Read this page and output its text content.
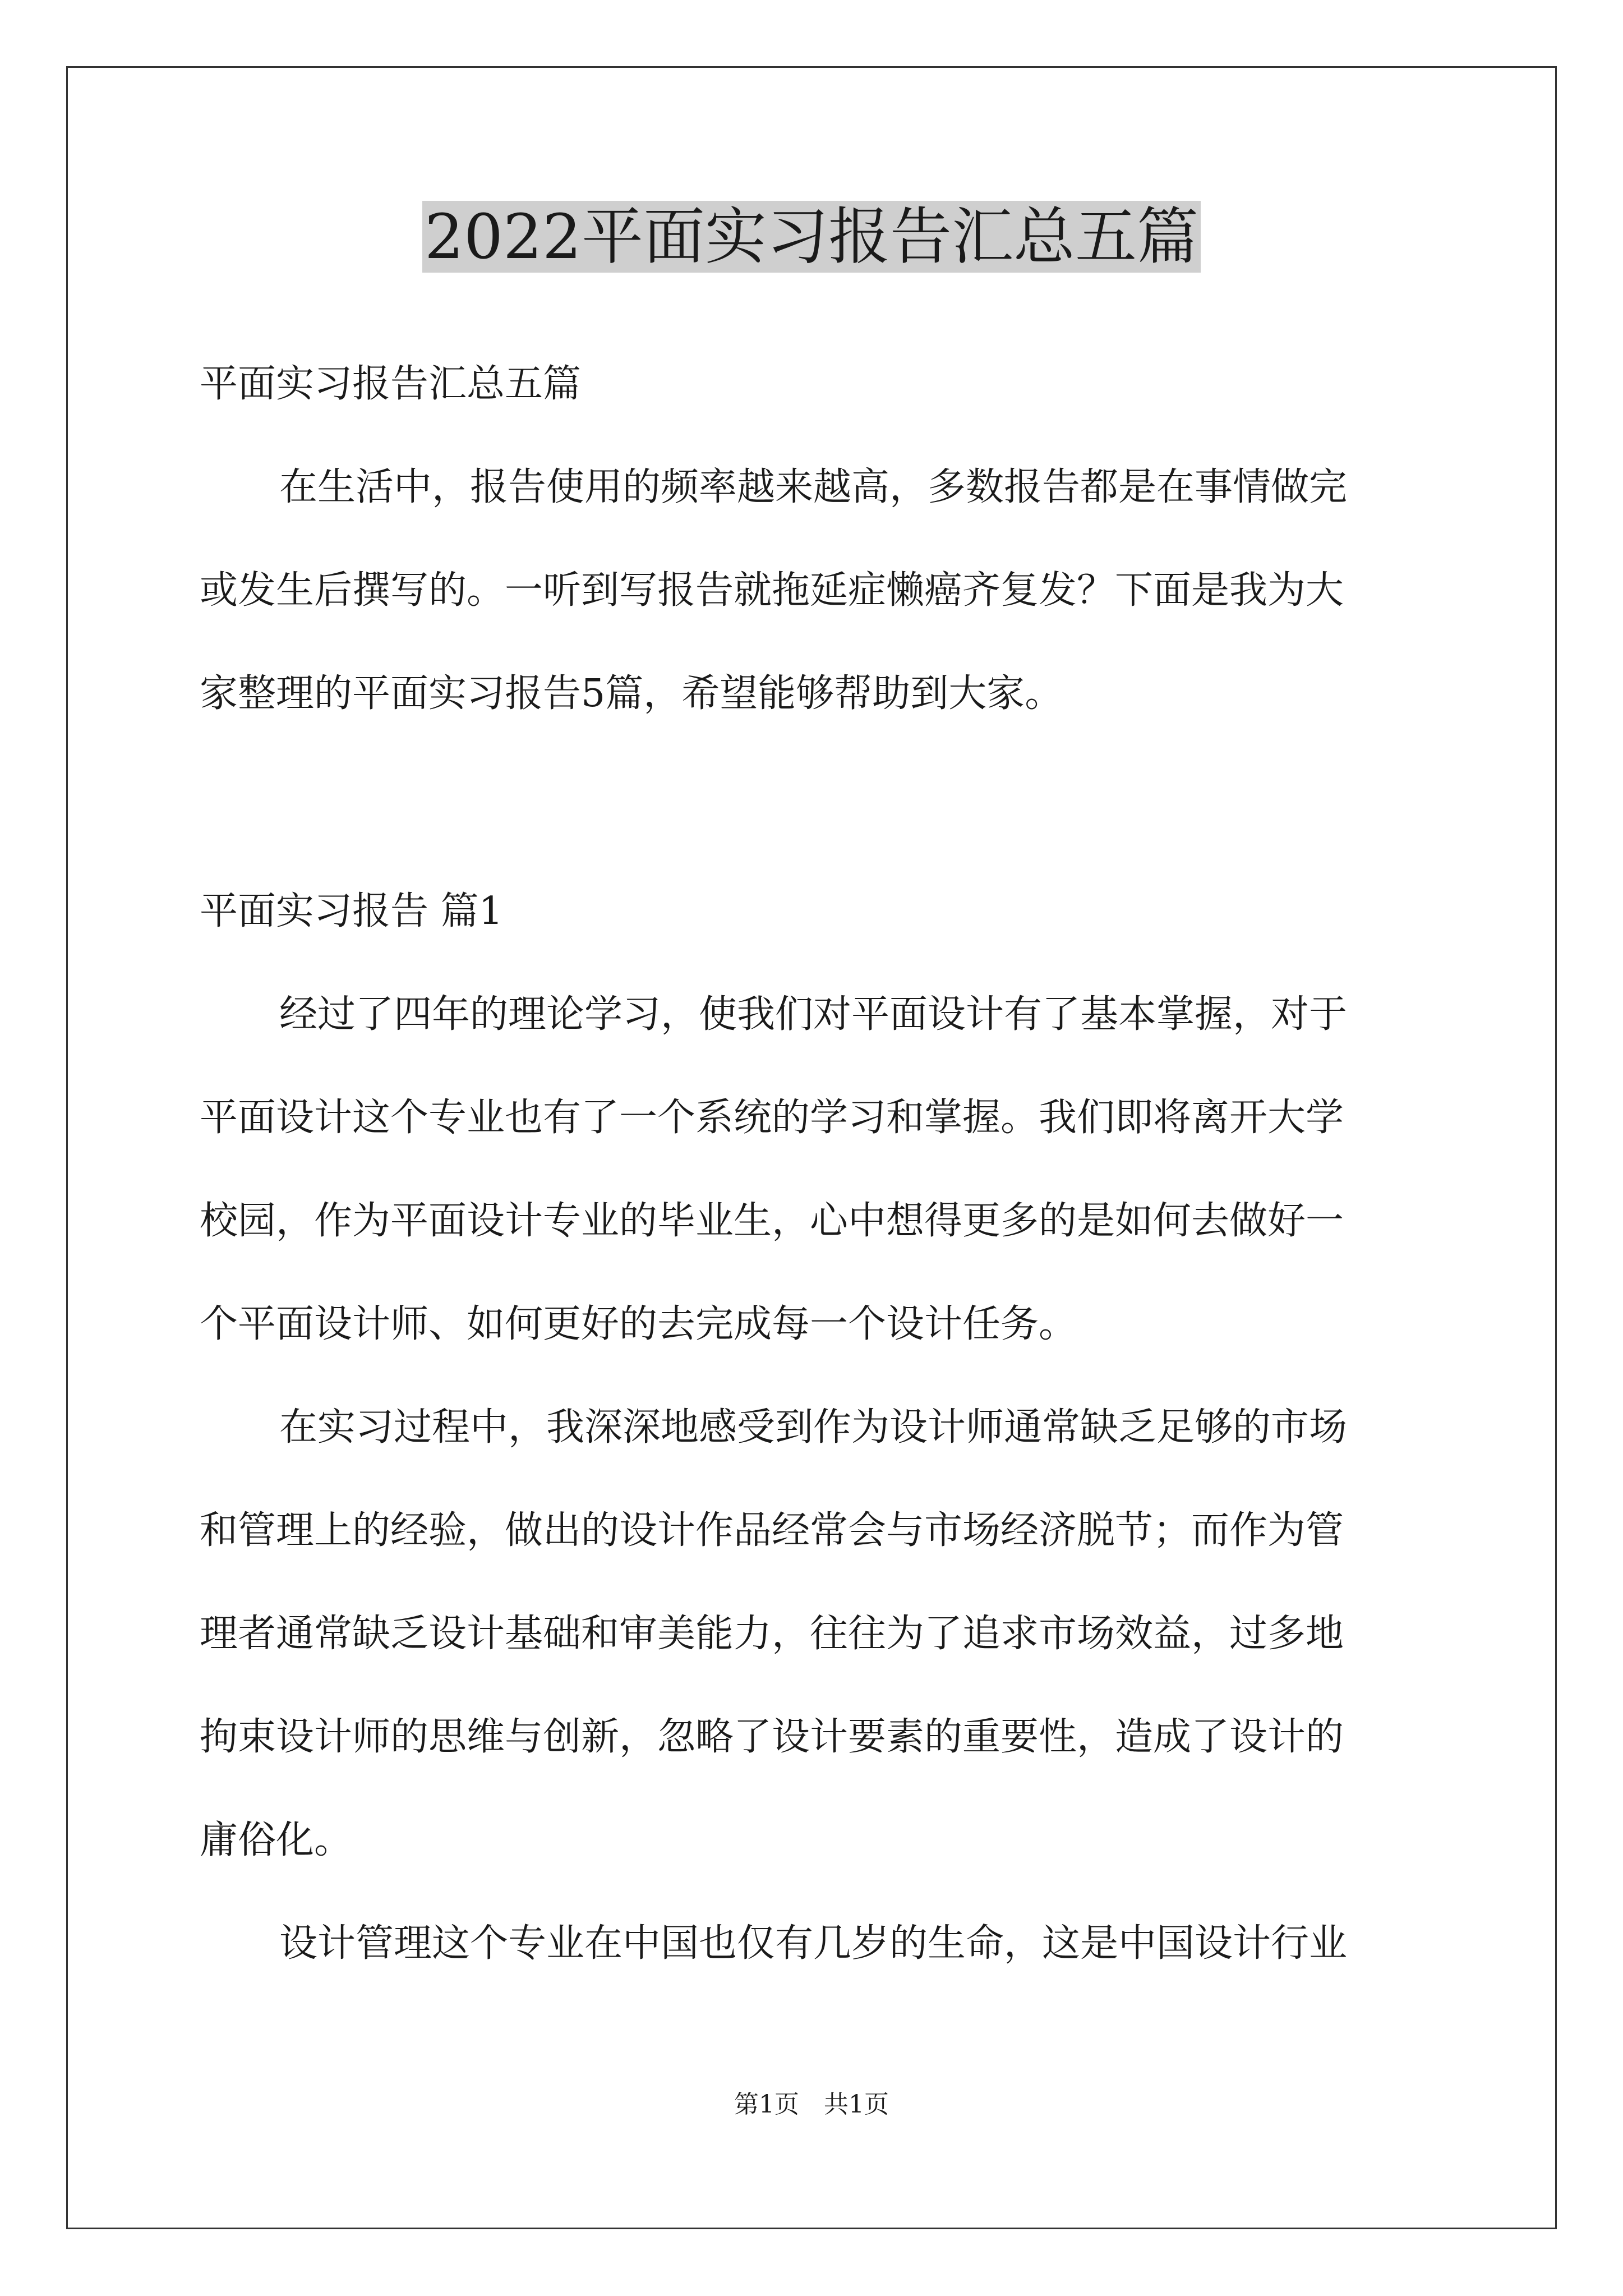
2022平面实习报告汇总五篇
平面实习报告汇总五篇
在生活中，报告使用的频率越来越高，多数报告都是在事情做完
或发生后撰写的。一听到写报告就拖延症懒癌齐复发？下面是我为大
家整理的平面实习报告5篇，希望能够帮助到大家。
平面实习报告 篇1
经过了四年的理论学习，使我们对平面设计有了基本掌握，对于
平面设计这个专业也有了一个系统的学习和掌握。我们即将离开大学
校园，作为平面设计专业的毕业生，心中想得更多的是如何去做好一
个平面设计师、如何更好的去完成每一个设计任务。
在实习过程中，我深深地感受到作为设计师通常缺乏足够的市场
和管理上的经验，做出的设计作品经常会与市场经济脱节；而作为管
理者通常缺乏设计基础和审美能力，往往为了追求市场效益，过多地
拘束设计师的思维与创新，忽略了设计要素的重要性，造成了设计的
庸俗化。
设计管理这个专业在中国也仅有几岁的生命，这是中国设计行业
第1页　共1页
